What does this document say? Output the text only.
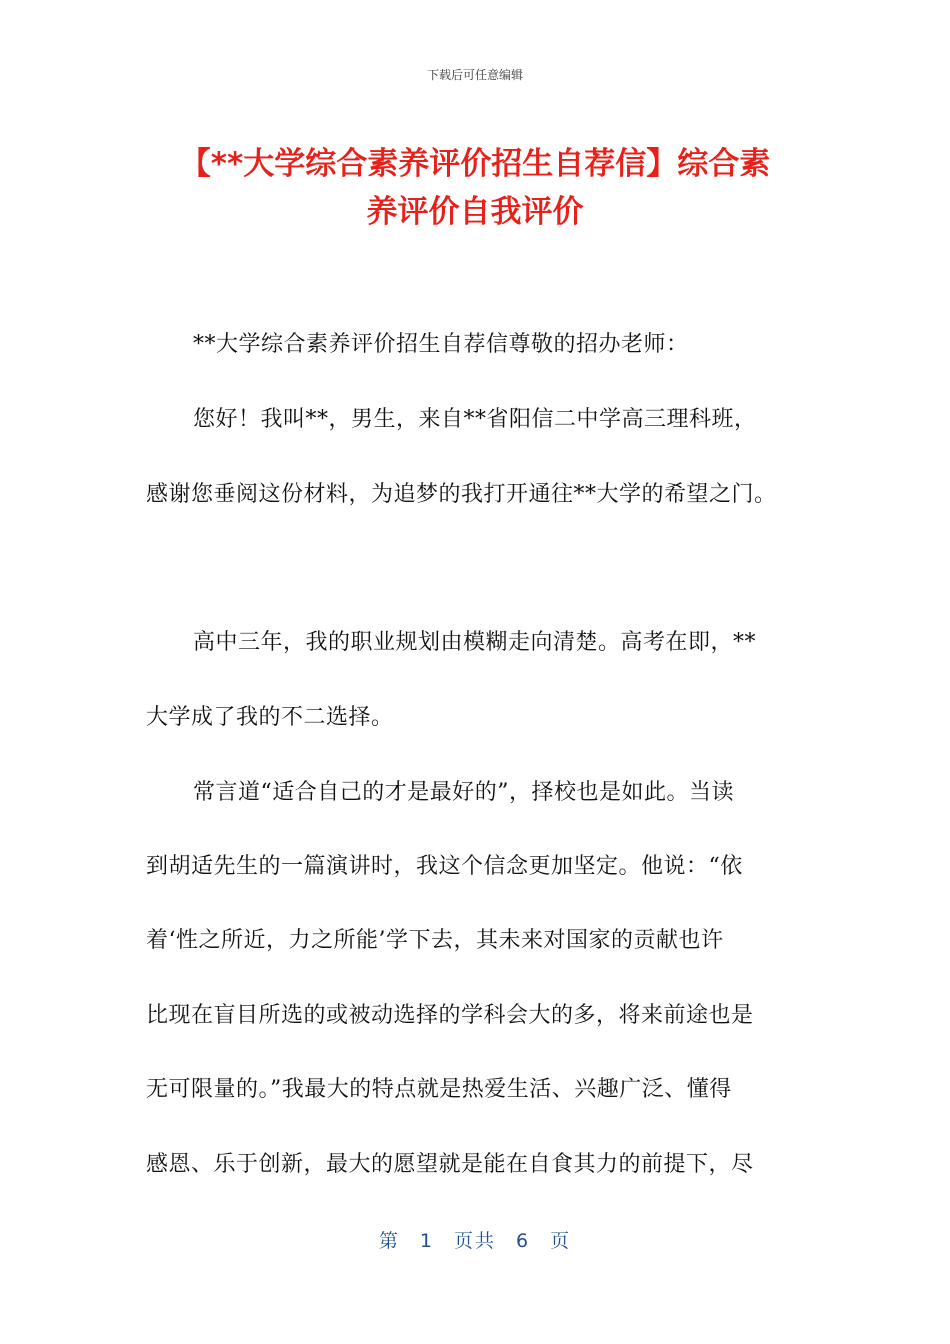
下载后可任意编辑
【**大学综合素养评价招生自荐信】综合素
养评价自我评价
**大学综合素养评价招生自荐信尊敬的招办老师：
您好！我叫**，男生，来自**省阳信二中学高三理科班，
感谢您垂阅这份材料，为追梦的我打开通往**大学的希望之门。
高中三年，我的职业规划由模糊走向清楚。高考在即，**
大学成了我的不二选择。
常言道“适合自己的才是最好的”，择校也是如此。当读
到胡适先生的一篇演讲时，我这个信念更加坚定。他说：“依
着‘性之所近，力之所能’学下去，其未来对国家的贡献也许
比现在盲目所选的或被动选择的学科会大的多，将来前途也是
无可限量的。”我最大的特点就是热爱生活、兴趣广泛、懂得
感恩、乐于创新，最大的愿望就是能在自食其力的前提下，尽
第 1 页共 6 页
